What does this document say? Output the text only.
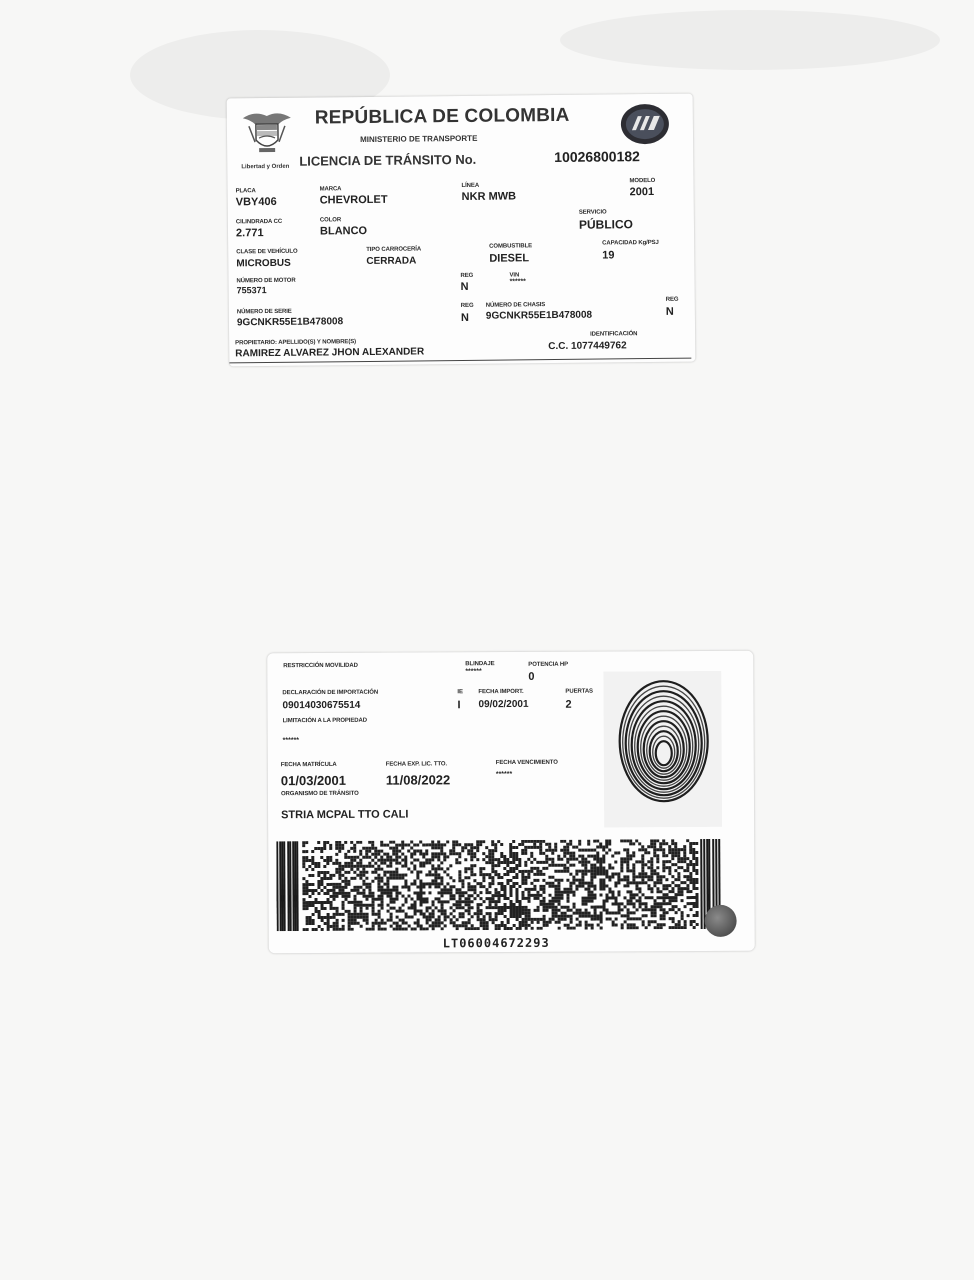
Libertad y Orden
REPÚBLICA DE COLOMBIA
MINISTERIO DE TRANSPORTE
LICENCIA DE TRÁNSITO No.	10026800182
PLACA
VBY406
MARCA
CHEVROLET
LÍNEA
NKR MWB
MODELO
2001
CILINDRADA CC
2.771
COLOR
BLANCO
SERVICIO
PÚBLICO
CLASE DE VEHÍCULO
MICROBUS
TIPO CARROCERÍA
CERRADA
COMBUSTIBLE
DIESEL
CAPACIDAD Kg/PSJ
19
NÚMERO DE MOTOR
755371
REG
N
VIN
******
NÚMERO DE SERIE
9GCNKR55E1B478008
REG
N
NÚMERO DE CHASIS
9GCNKR55E1B478008
REG
N
PROPIETARIO: APELLIDO(S) Y NOMBRE(S)
RAMIREZ ALVAREZ JHON ALEXANDER
IDENTIFICACIÓN
C.C. 1077449762
RESTRICCIÓN MOVILIDAD	BLINDAJE
******
POTENCIA HP
0
DECLARACIÓN DE IMPORTACIÓN
09014030675514
IE
I
FECHA IMPORT.
09/02/2001
PUERTAS
2
LIMITACIÓN A LA PROPIEDAD
******
FECHA MATRÍCULA
01/03/2001
FECHA EXP. LIC. TTO.
11/08/2022
FECHA VENCIMIENTO
******
ORGANISMO DE TRÁNSITO
STRIA MCPAL TTO CALI
LT06004672293
